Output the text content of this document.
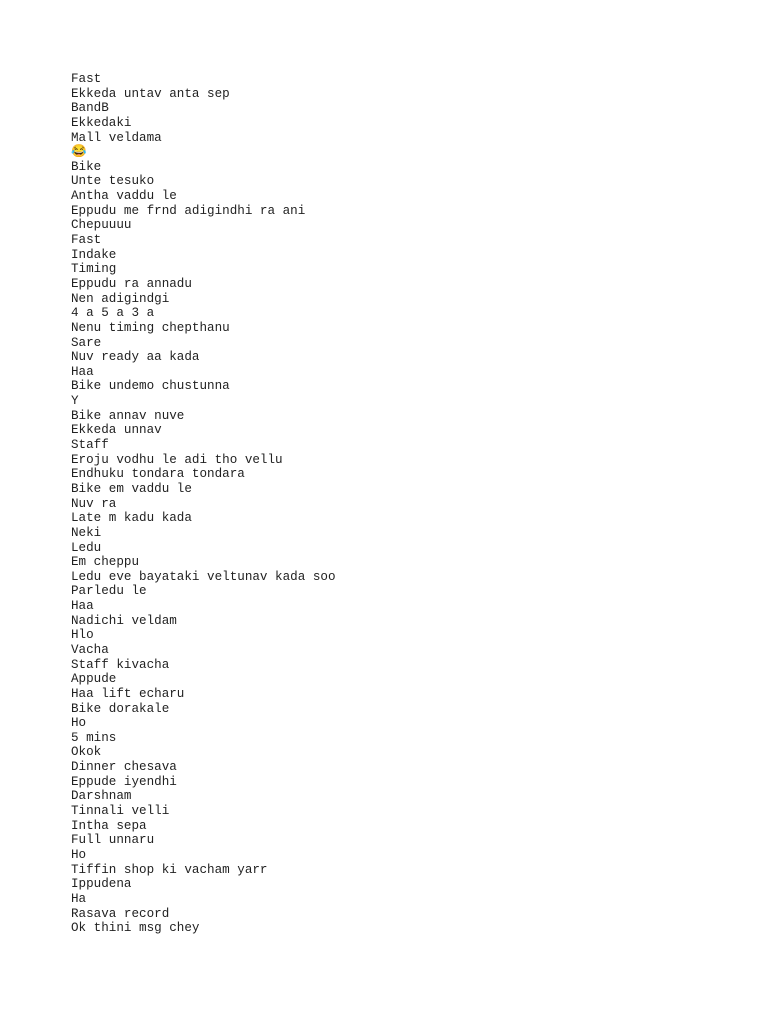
Fast
Ekkeda untav anta sep
BandB
Ekkedaki
Mall veldama
😂
Bike
Unte tesuko
Antha vaddu le
Eppudu me frnd adigindhi ra ani
Chepuuuu
Fast
Indake
Timing
Eppudu ra annadu
Nen adigindgi
4 a 5 a 3 a
Nenu timing chepthanu
Sare
Nuv ready aa kada
Haa
Bike undemo chustunna
Y
Bike annav nuve
Ekkeda unnav
Staff
Eroju vodhu le adi tho vellu
Endhuku tondara tondara
Bike em vaddu le
Nuv ra
Late m kadu kada
Neki
Ledu
Em cheppu
Ledu eve bayataki veltunav kada soo
Parledu le
Haa
Nadichi veldam
Hlo
Vacha
Staff kivacha
Appude
Haa lift echaru
Bike dorakale
Ho
5 mins
Okok
Dinner chesava
Eppude iyendhi
Darshnam
Tinnali velli
Intha sepa
Full unnaru
Ho
Tiffin shop ki vacham yarr
Ippudena
Ha
Rasava record
Ok thini msg chey
